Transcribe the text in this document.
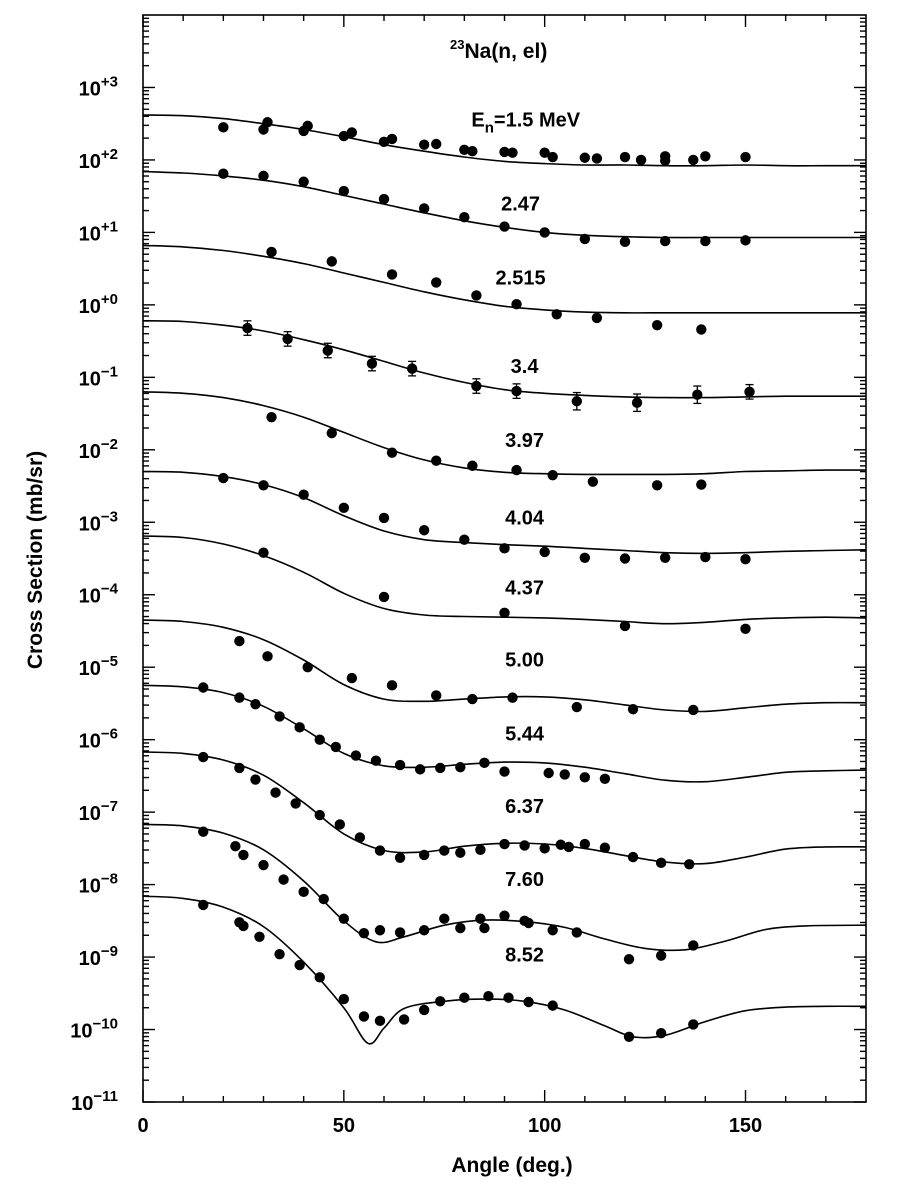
0	50	100	150
$10^{+3}$
$10^{+2}$
$10^{+1}$
$10^{+0}$
$10^{-1}$
$10^{-2}$
$10^{-3}$
$10^{-4}$
$10^{-5}$
$10^{-6}$
$10^{-7}$
$10^{-8}$
$10^{-9}$
$10^{-10}$
$10^{-11}$
2.47
2.515
3.4
3.97
4.04
4.37
5.00
5.44
6.37
7.60
8.52
Angle (deg.)
Cross Section (mb/sr)
$^{23}$Na(n, el)
$E_n=1.5$ MeV
